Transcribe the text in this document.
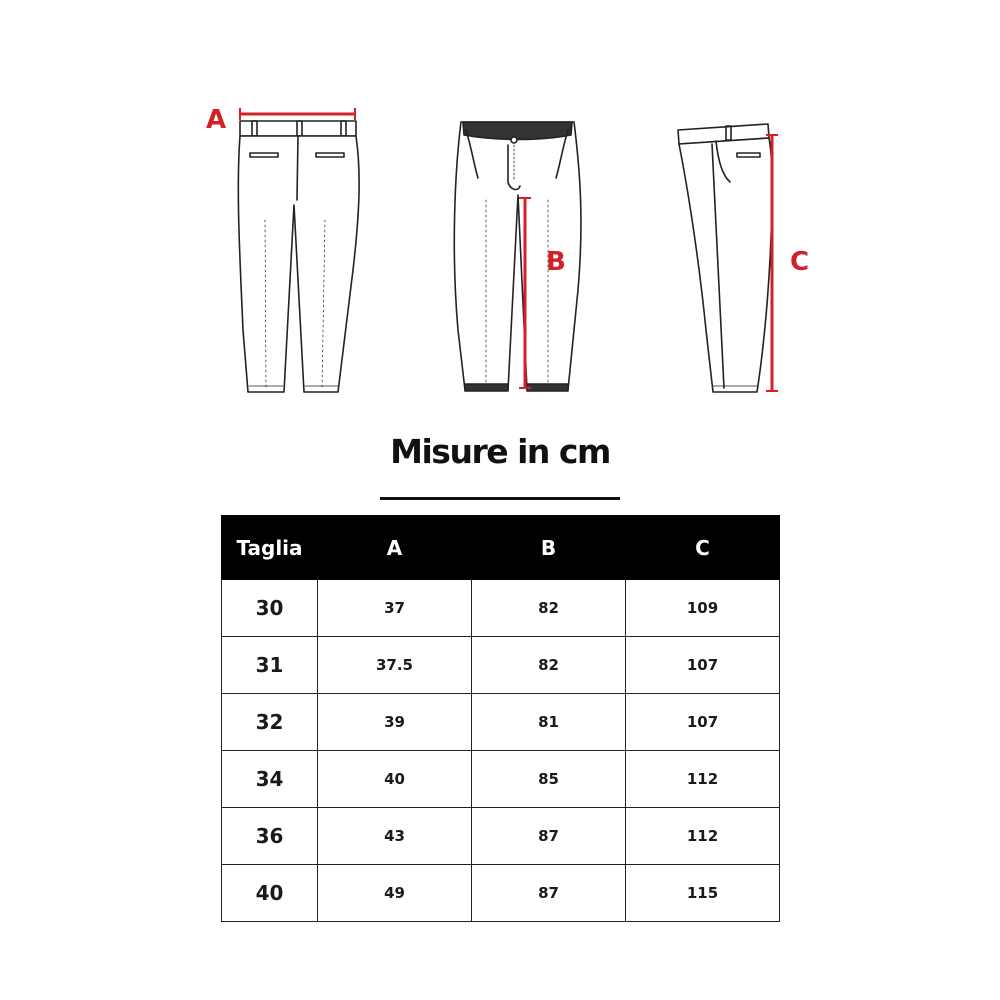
A
B	C
Misure in cm
Taglia	A	B	C
30	37	82	109
31	37.5	82	107
32	39	81	107
34	40	85	112
36	43	87	112
40	49	87	115
